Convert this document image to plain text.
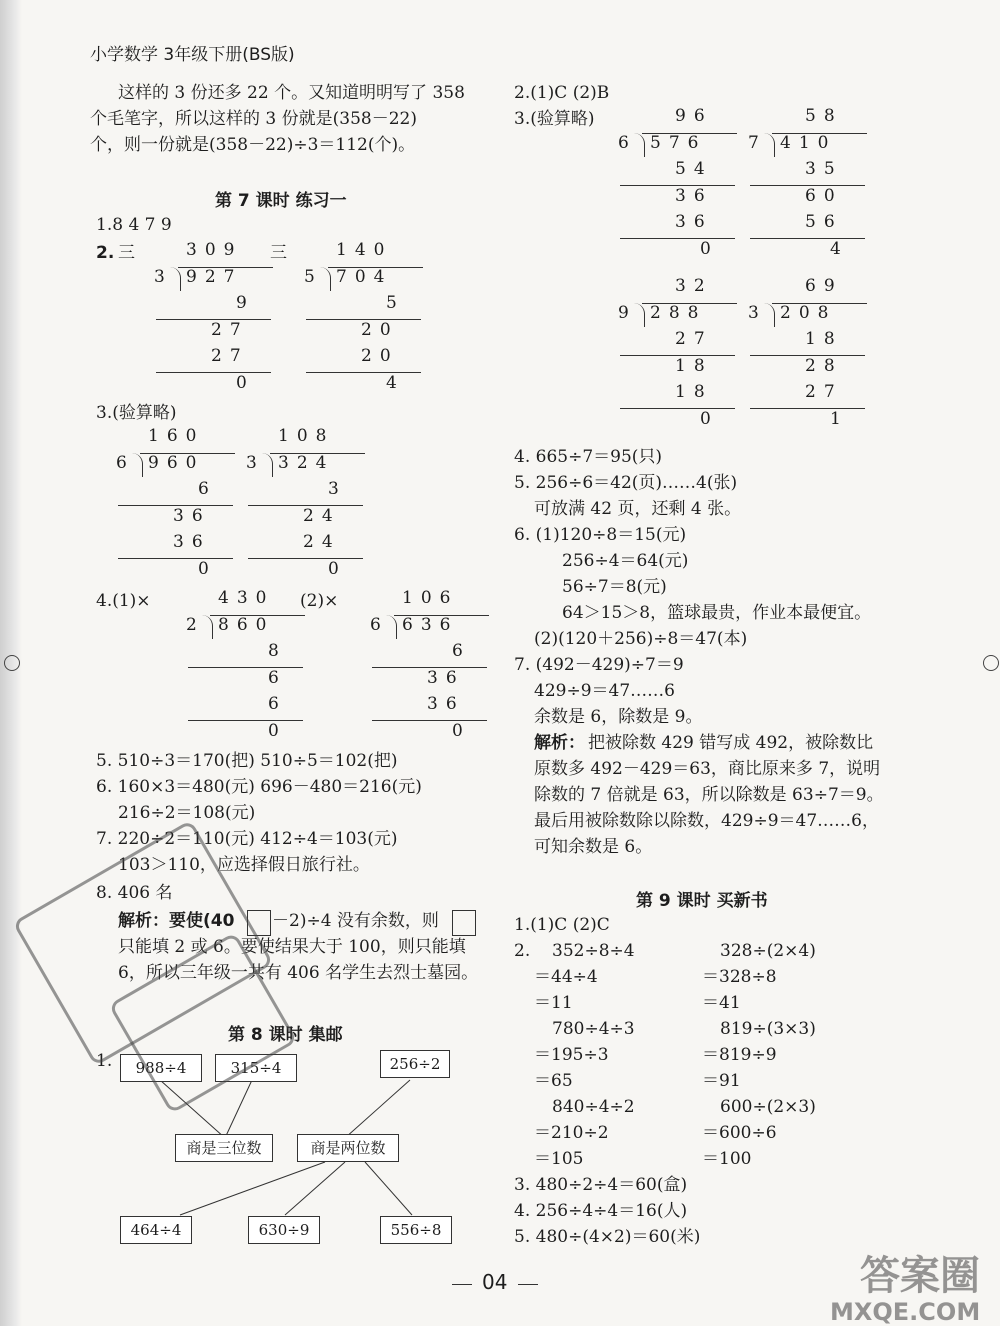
小学数学 3年级下册(BS版)
这样的 3 份还多 22 个。又知道明明写了 358
个毛笔字，所以这样的 3 份就是(358－22)
个，则一份就是(358－22)÷3＝112(个)。
第 7 课时 练习一
1.8 4 7 9
2. 三	三
3.(验算略)
4.(1)×	(2)×
5. 510÷3＝170(把) 510÷5＝102(把)
6. 160×3＝480(元) 696－480＝216(元)
216÷2＝108(元)
7. 220÷2＝110(元) 412÷4＝103(元)
103＞110，应选择假日旅行社。
8. 406 名
解析：要使(40 －2)÷4 没有余数，则
只能填 2 或 6。要使结果大于 100，则只能填
6，所以三年级一共有 406 名学生去烈士墓园。
第 8 课时 集邮
1.	988÷4	315÷4	256÷2
商是三位数	商是两位数
464÷4	630÷9	556÷8
2.(1)C (2)B
3.(验算略)
4. 665÷7＝95(只)
5. 256÷6＝42(页)……4(张)
可放满 42 页，还剩 4 张。
6. (1)120÷8＝15(元)
256÷4＝64(元)
56÷7＝8(元)
64＞15＞8，篮球最贵，作业本最便宜。
(2)(120＋256)÷8＝47(本)
7. (492－429)÷7＝9
429÷9＝47……6
余数是 6，除数是 9。
解析： 把被除数 429 错写成 492，被除数比
原数多 492－429＝63，商比原来多 7，说明
除数的 7 倍就是 63，所以除数是 63÷7＝9。
最后用被除数除以除数，429÷9＝47……6，
可知余数是 6。
第 9 课时 买新书
1.(1)C (2)C
2.
3. 480÷2÷4＝60(盒)
4. 256÷4÷4＝16(人)
5. 480÷(4×2)＝60(米)
04	答案圈
MXQE.COM
309
3 927
9
27
27
0
140
5 704
5
20
20
4
160
6 960
6
36
36
0
108
3 324
3
24
24
0
430
2 860
8
6
6
0
106
6 636
6
36
36
0
96
6 576
54
36
36
0
58
7 410
35
60
56
4
32
9 288
27
18
18
0
69
3 208
18
28
27
1
352÷8÷4	328÷(2×4)
＝44÷4	＝328÷8
＝11	＝41
780÷4÷3	819÷(3×3)
＝195÷3	＝819÷9
＝65	＝91
840÷4÷2	600÷(2×3)
＝210÷2	＝600÷6
＝105	＝100
